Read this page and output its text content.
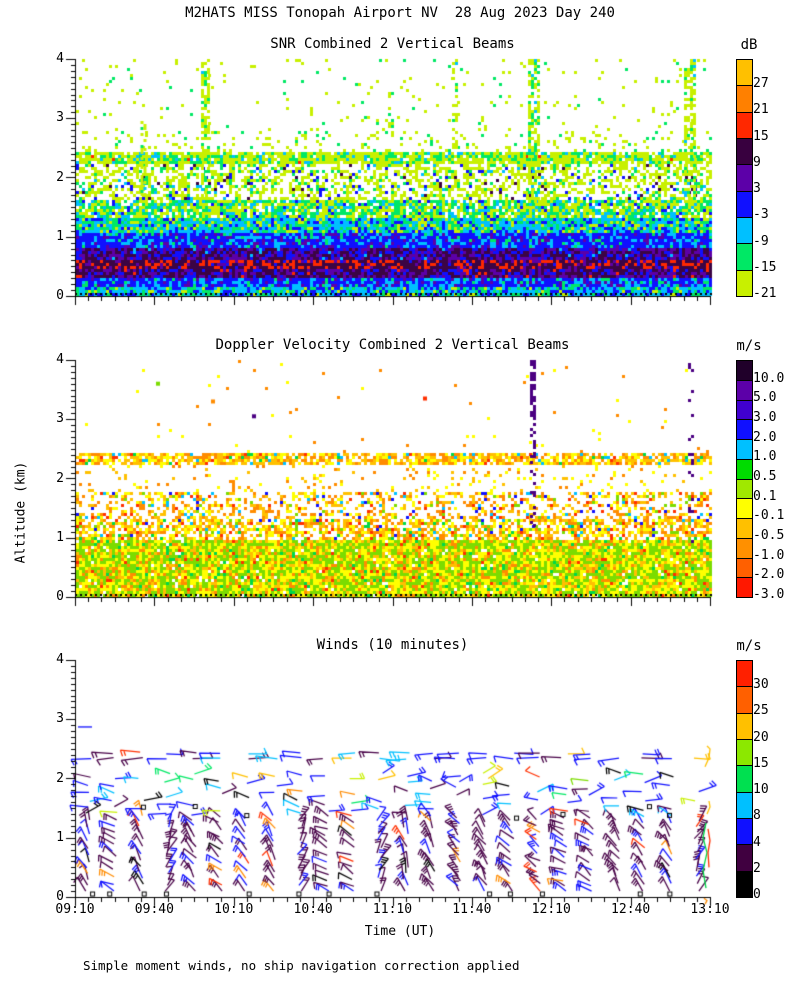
M2HATS MISS Tonopah Airport NV  28 Aug 2023 Day 240
SNR Combined 2 Vertical Beams	dB
Doppler Velocity Combined 2 Vertical Beams	m/s
Winds (10 minutes)	m/s
Altitude (km)
Time (UT)
Simple moment winds, no ship navigation correction applied
0
1
2
3
4
27
21
15
9
3
-3
-9
-15
-21
0
1
2
3
4
10.0
5.0
3.0
2.0
1.0
0.5
0.1
-0.1
-0.5
-1.0
-2.0
-3.0
0
1
2
3
4
30
25
20
15
10
8
4
2
0
09:10	09:40	10:10	10:40	11:10	11:40	12:10	12:40	13:10
